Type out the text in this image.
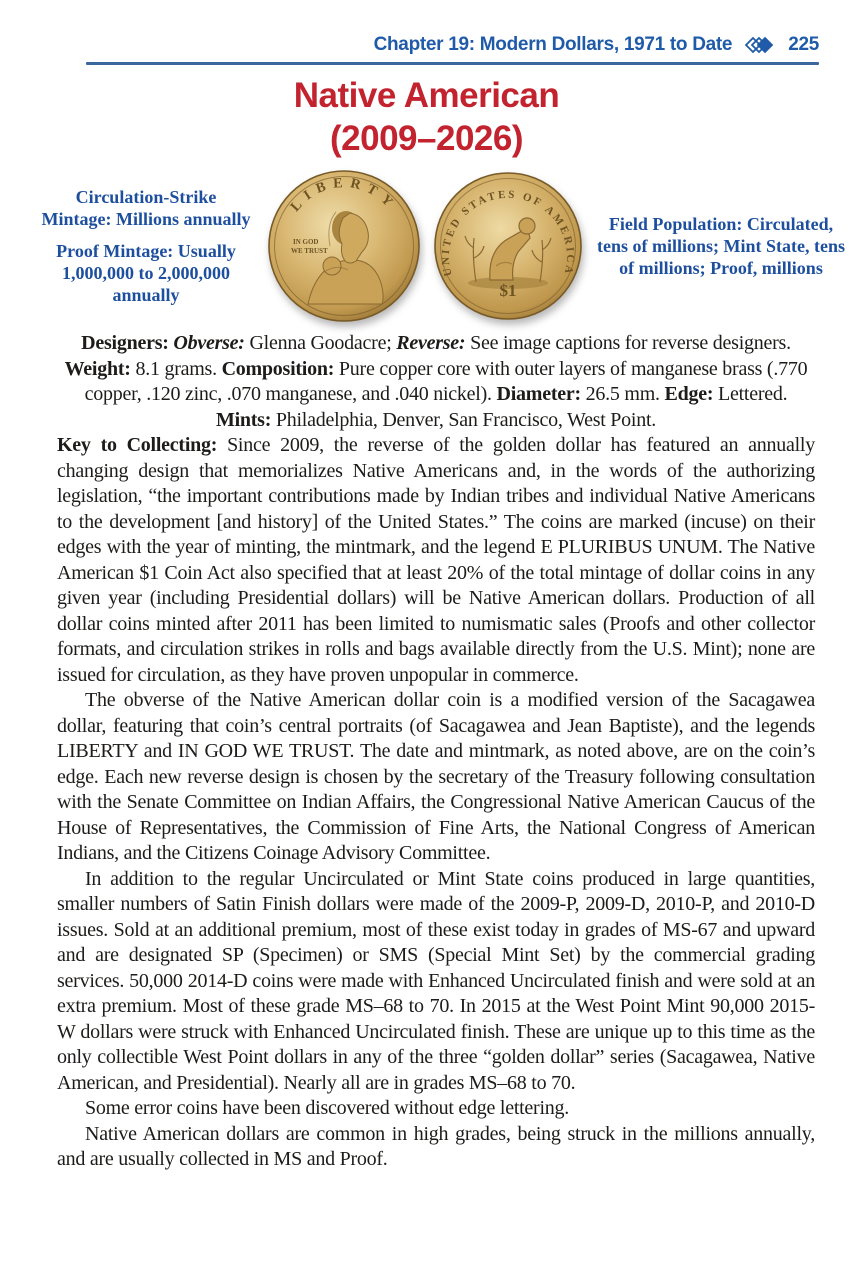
Chapter 19: Modern Dollars, 1971 to Date	225
Native American
(2009–2026)

Circulation-Strike Mintage: Millions annually

Proof Mintage: Usually 1,000,000 to 2,000,000 annually

LIBERTY
IN GOD
WE TRUST
UNITED STATES OF AMERICA
$1

Field Population: Circulated, tens of millions; Mint State, tens of millions; Proof, millions

Designers: Obverse: Glenna Goodacre; Reverse: See image captions for reverse designers. Weight: 8.1 grams. Composition: Pure copper core with outer layers of manganese brass (.770 copper, .120 zinc, .070 manganese, and .040 nickel). Diameter: 26.5 mm. Edge: Lettered. Mints: Philadelphia, Denver, San Francisco, West Point.

Key to Collecting: Since 2009, the reverse of the golden dollar has featured an annually changing design that memorializes Native Americans and, in the words of the authorizing legislation, “the important contributions made by Indian tribes and individual Native Americans to the development [and history] of the United States.” The coins are marked (incuse) on their edges with the year of minting, the mintmark, and the legend E PLURIBUS UNUM. The Native American $1 Coin Act also specified that at least 20% of the total mintage of dollar coins in any given year (including Presidential dollars) will be Native American dollars. Production of all dollar coins minted after 2011 has been limited to numismatic sales (Proofs and other collector formats, and circulation strikes in rolls and bags available directly from the U.S. Mint); none are issued for circulation, as they have proven unpopular in commerce.

The obverse of the Native American dollar coin is a modified version of the Sacagawea dollar, featuring that coin’s central portraits (of Sacagawea and Jean Baptiste), and the legends LIBERTY and IN GOD WE TRUST. The date and mintmark, as noted above, are on the coin’s edge. Each new reverse design is chosen by the secretary of the Treasury following consultation with the Senate Committee on Indian Affairs, the Congressional Native American Caucus of the House of Representatives, the Commission of Fine Arts, the National Congress of American Indians, and the Citizens Coinage Advisory Committee.

In addition to the regular Uncirculated or Mint State coins produced in large quantities, smaller numbers of Satin Finish dollars were made of the 2009-P, 2009-D, 2010-P, and 2010-D issues. Sold at an additional premium, most of these exist today in grades of MS-67 and upward and are designated SP (Specimen) or SMS (Special Mint Set) by the commercial grading services. 50,000 2014-D coins were made with Enhanced Uncirculated finish and were sold at an extra premium. Most of these grade MS–68 to 70. In 2015 at the West Point Mint 90,000 2015-W dollars were struck with Enhanced Uncirculated finish. These are unique up to this time as the only collectible West Point dollars in any of the three “golden dollar” series (Sacagawea, Native American, and Presidential). Nearly all are in grades MS–68 to 70.

Some error coins have been discovered without edge lettering.

Native American dollars are common in high grades, being struck in the millions annually, and are usually collected in MS and Proof.
